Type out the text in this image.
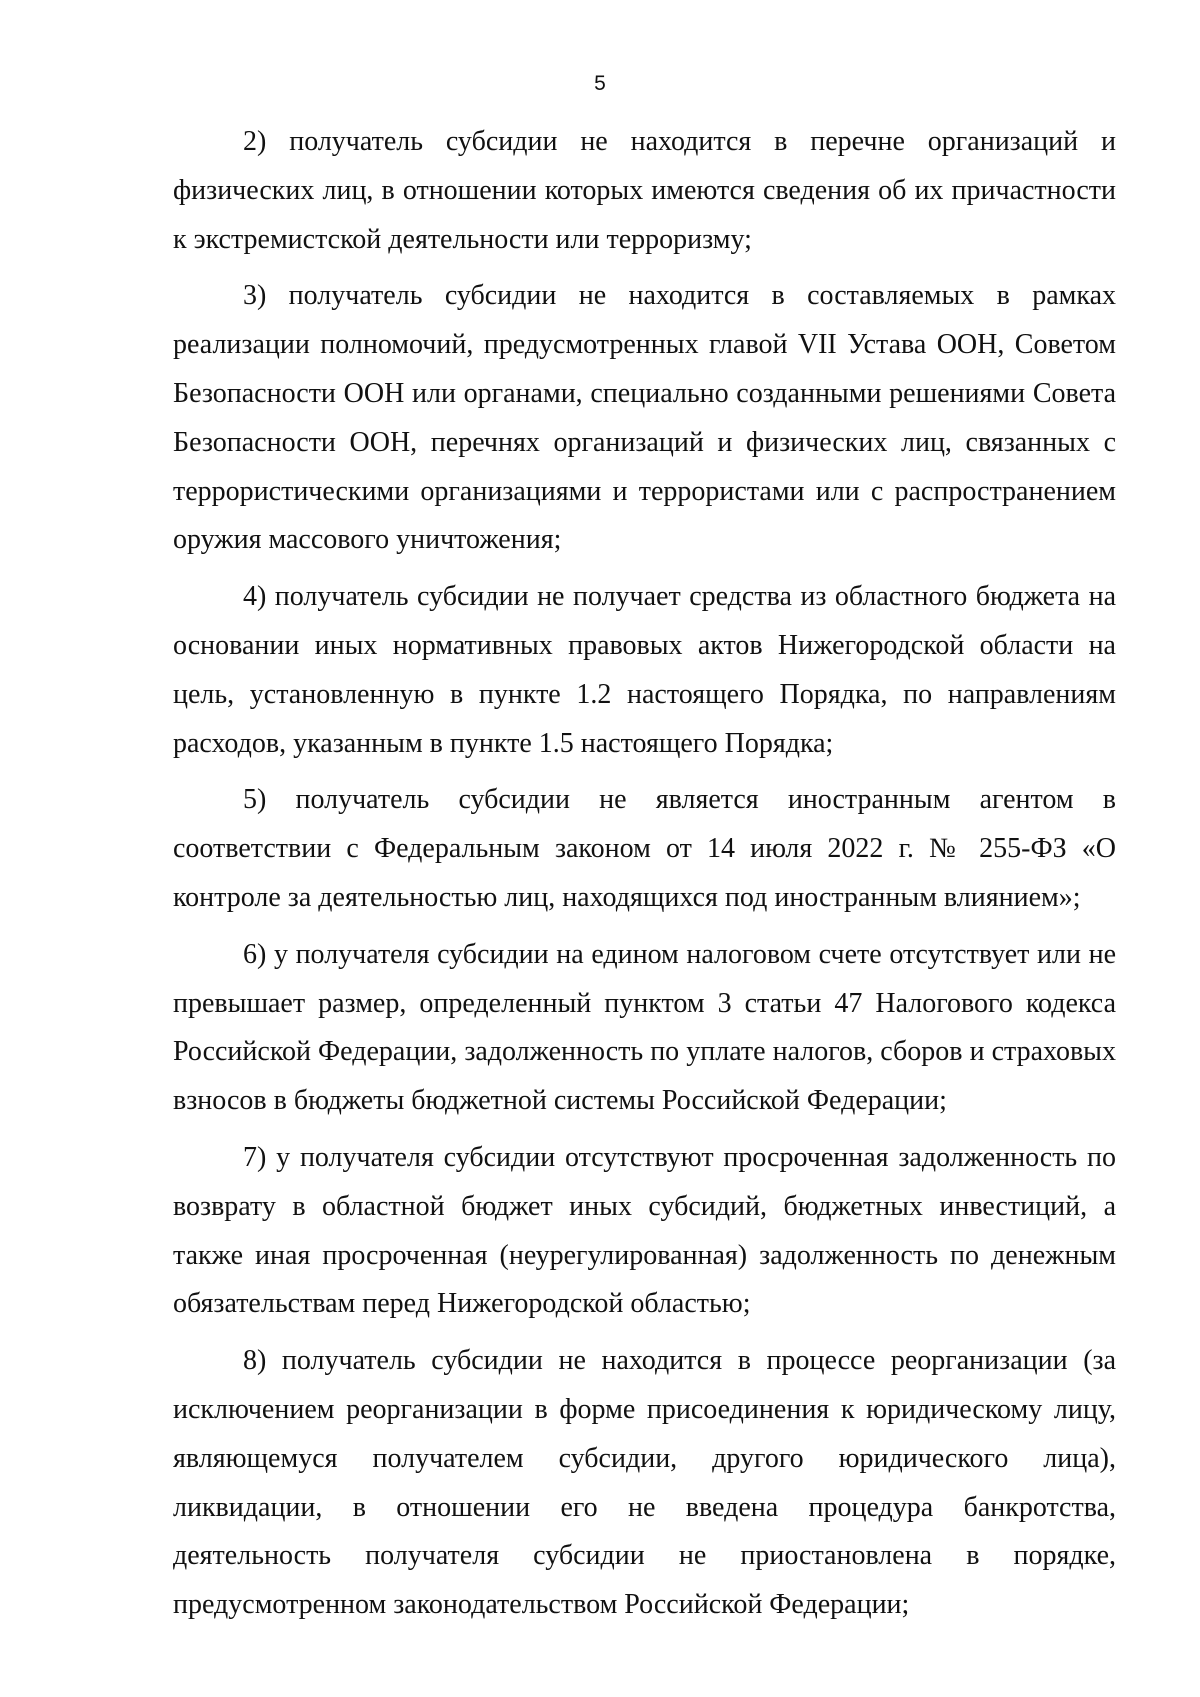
5

2) получатель субсидии не находится в перечне организаций и физических лиц, в отношении которых имеются сведения об их причастности к экстремистской деятельности или терроризму;

3) получатель субсидии не находится в составляемых в рамках реализации полномочий, предусмотренных главой VII Устава ООН, Советом Безопасности ООН или органами, специально созданными решениями Совета Безопасности ООН, перечнях организаций и физических лиц, связанных с террористическими организациями и террористами или с распространением оружия массового уничтожения;

4) получатель субсидии не получает средства из областного бюджета на основании иных нормативных правовых актов Нижегородской области на цель, установленную в пункте 1.2 настоящего Порядка, по направлениям расходов, указанным в пункте 1.5 настоящего Порядка;

5) получатель субсидии не является иностранным агентом в соответствии с Федеральным законом от 14 июля 2022 г. № 255-ФЗ «О контроле за деятельностью лиц, находящихся под иностранным влиянием»;

6) у получателя субсидии на едином налоговом счете отсутствует или не превышает размер, определенный пунктом 3 статьи 47 Налогового кодекса Российской Федерации, задолженность по уплате налогов, сборов и страховых взносов в бюджеты бюджетной системы Российской Федерации;

7) у получателя субсидии отсутствуют просроченная задолженность по возврату в областной бюджет иных субсидий, бюджетных инвестиций, а также иная просроченная (неурегулированная) задолженность по денежным обязательствам перед Нижегородской областью;

8) получатель субсидии не находится в процессе реорганизации (за исключением реорганизации в форме присоединения к юридическому лицу, являющемуся получателем субсидии, другого юридического лица), ликвидации, в отношении его не введена процедура банкротства, деятельность получателя субсидии не приостановлена в порядке, предусмотренном законодательством Российской Федерации;
